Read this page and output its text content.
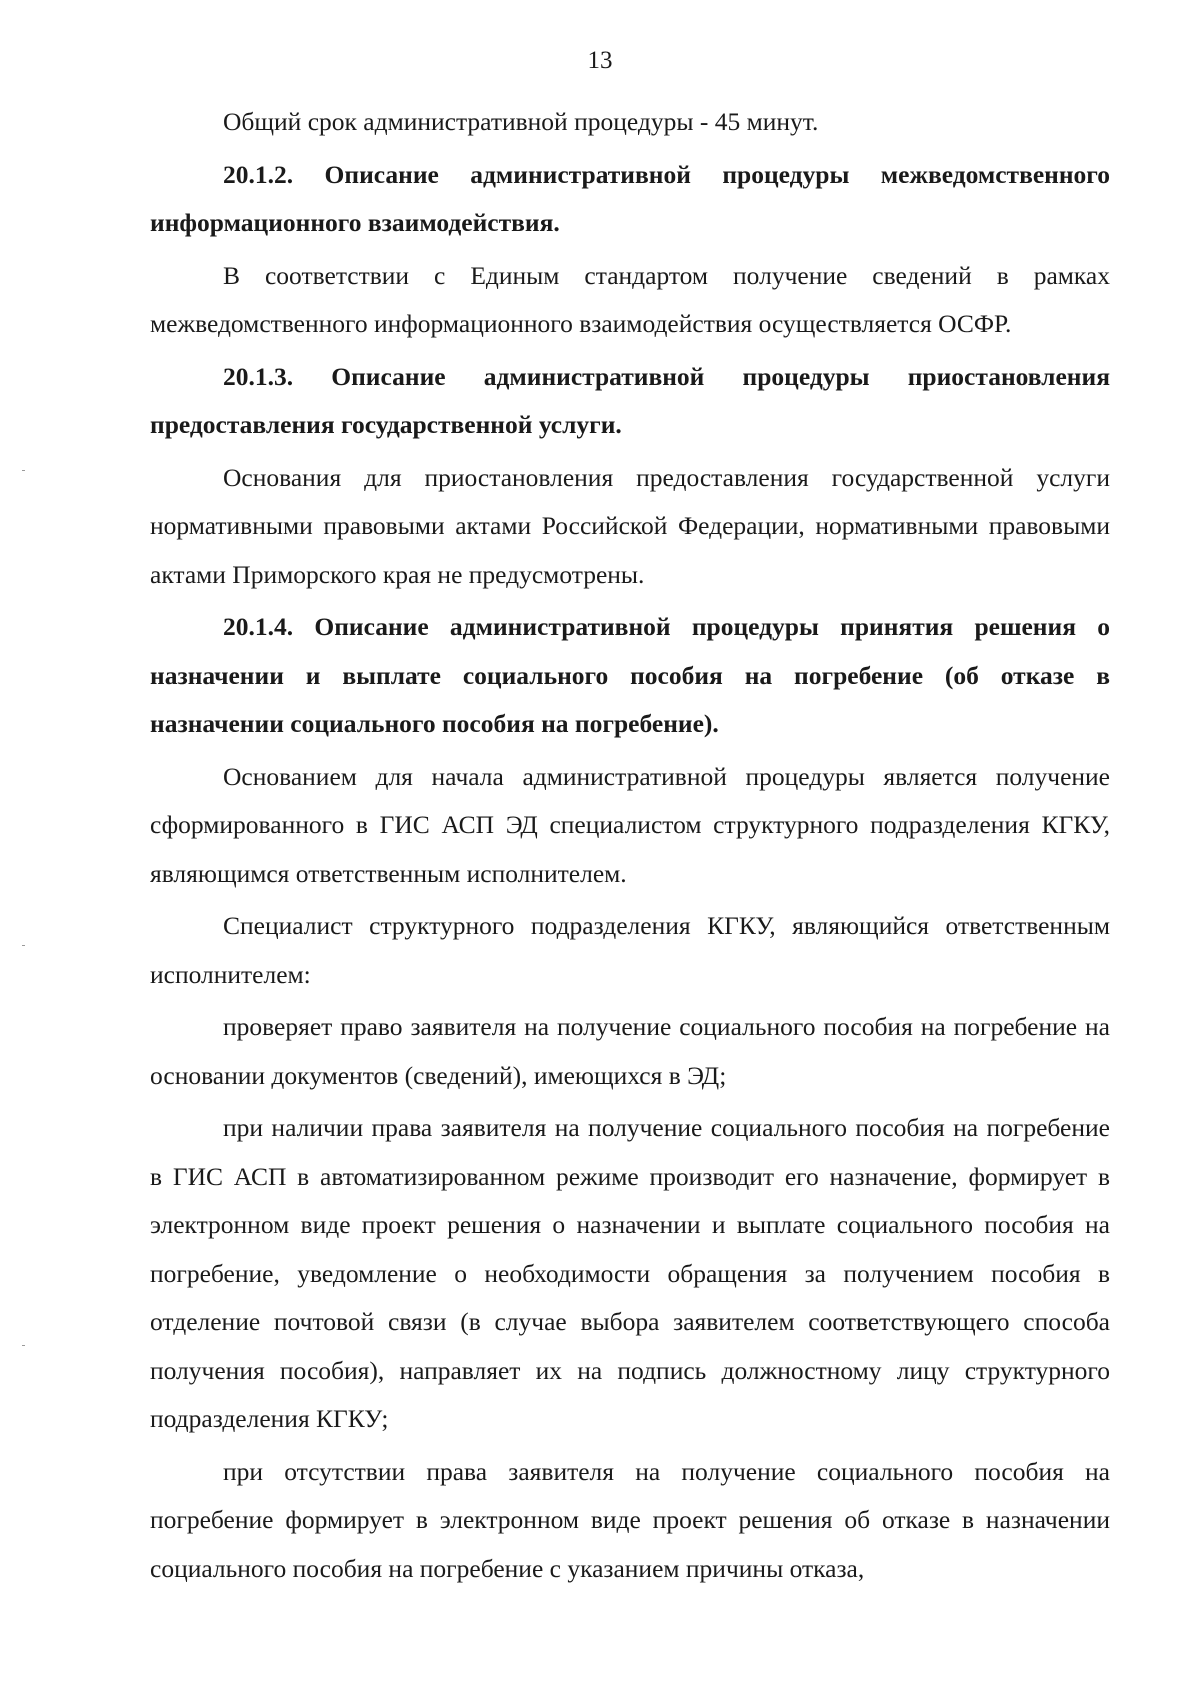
13

Общий срок административной процедуры - 45 минут.

20.1.2. Описание административной процедуры межведомственного информационного взаимодействия.

В соответствии с Единым стандартом получение сведений в рамках межведомственного информационного взаимодействия осуществляется ОСФР.

20.1.3. Описание административной процедуры приостановления предоставления государственной услуги.

Основания для приостановления предоставления государственной услуги нормативными правовыми актами Российской Федерации, нормативными правовыми актами Приморского края не предусмотрены.

20.1.4. Описание административной процедуры принятия решения о назначении и выплате социального пособия на погребение (об отказе в назначении социального пособия на погребение).

Основанием для начала административной процедуры является получение сформированного в ГИС АСП ЭД специалистом структурного подразделения КГКУ, являющимся ответственным исполнителем.

Специалист структурного подразделения КГКУ, являющийся ответственным исполнителем:

проверяет право заявителя на получение социального пособия на погребение на основании документов (сведений), имеющихся в ЭД;

при наличии права заявителя на получение социального пособия на погребение в ГИС АСП в автоматизированном режиме производит его назначение, формирует в электронном виде проект решения о назначении и выплате социального пособия на погребение, уведомление о необходимости обращения за получением пособия в отделение почтовой связи (в случае выбора заявителем соответствующего способа получения пособия), направляет их на подпись должностному лицу структурного подразделения КГКУ;

при отсутствии права заявителя на получение социального пособия на погребение формирует в электронном виде проект решения об отказе в назначении социального пособия на погребение с указанием причины отказа,
